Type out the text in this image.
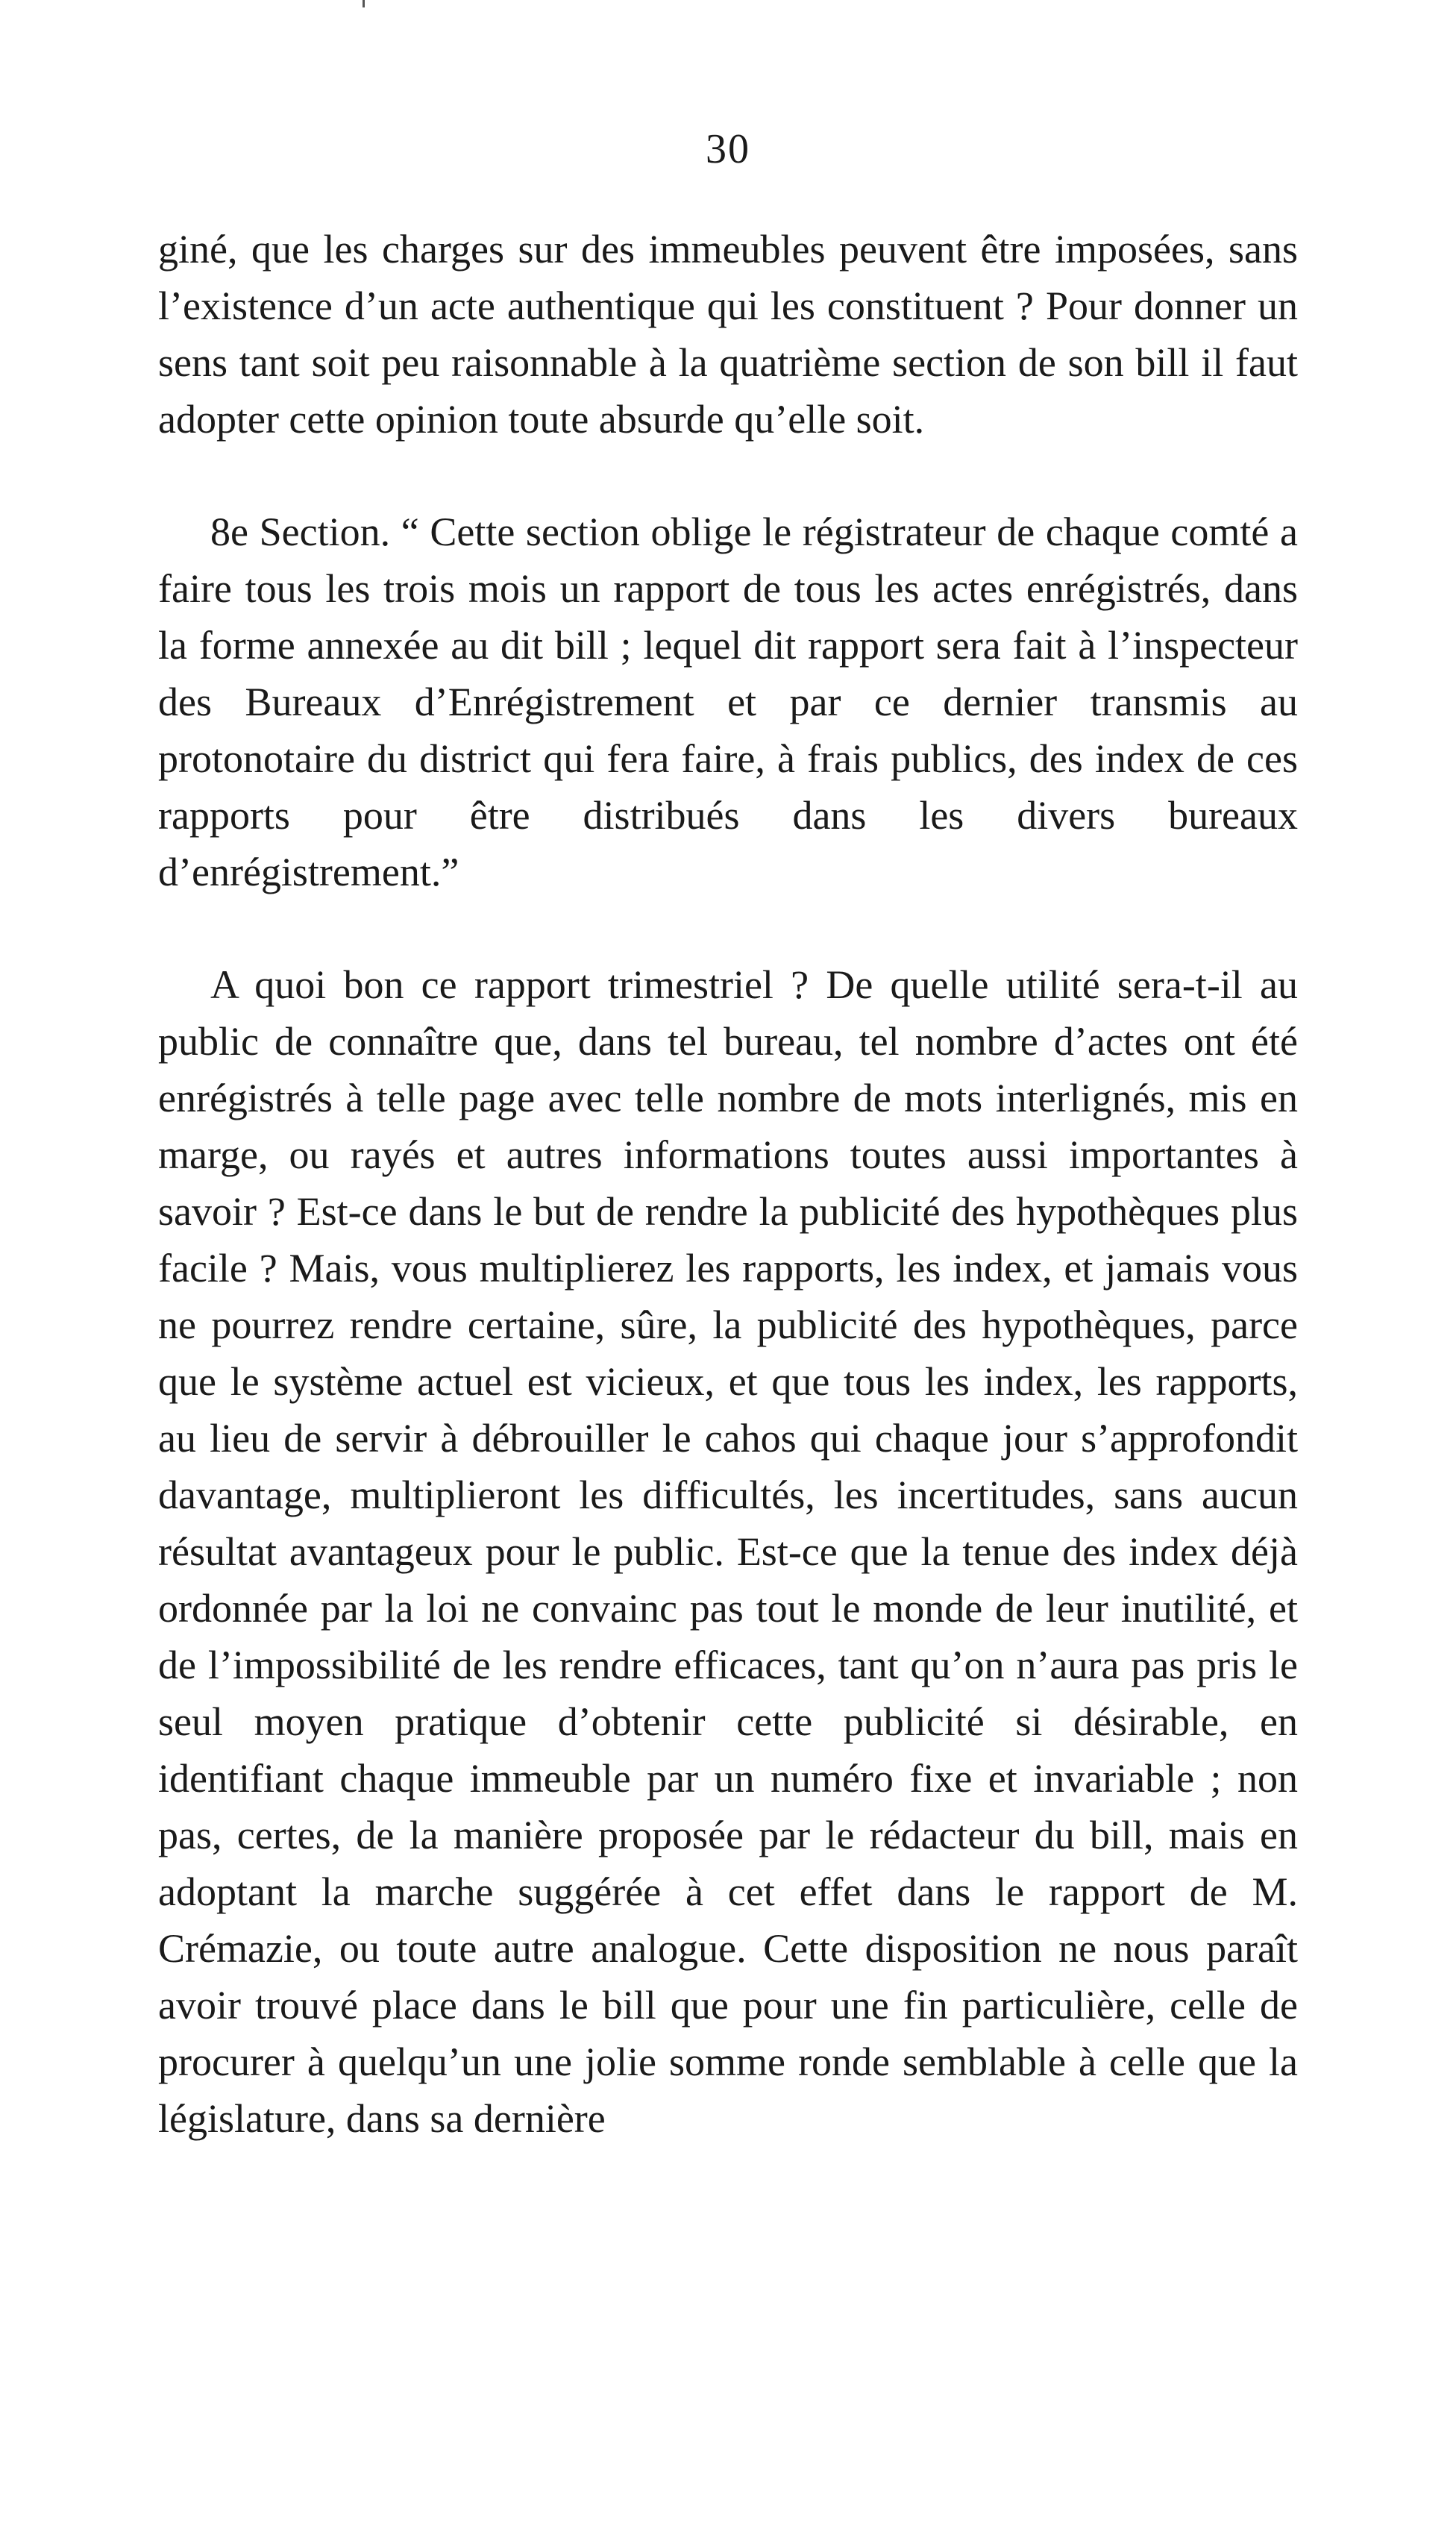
30

giné, que les charges sur des immeubles peuvent être imposées, sans l’existence d’un acte authentique qui les constituent ? Pour donner un sens tant soit peu raisonnable à la quatrième section de son bill il faut adopter cette opinion toute absurde qu’elle soit.

8e Section. “ Cette section oblige le régistrateur de chaque comté a faire tous les trois mois un rapport de tous les actes enrégistrés, dans la forme annexée au dit bill ; lequel dit rapport sera fait à l’inspecteur des Bureaux d’Enrégistrement et par ce dernier transmis au protonotaire du district qui fera faire, à frais publics, des index de ces rapports pour être distribués dans les divers bureaux d’enrégistrement.”

A quoi bon ce rapport trimestriel ? De quelle utilité sera-t-il au public de connaître que, dans tel bureau, tel nombre d’actes ont été enrégistrés à telle page avec telle nombre de mots interlignés, mis en marge, ou rayés et autres informations toutes aussi importantes à savoir ? Est-ce dans le but de rendre la publicité des hypothèques plus facile ? Mais, vous multiplierez les rapports, les index, et jamais vous ne pourrez rendre certaine, sûre, la publicité des hypothèques, parce que le système actuel est vicieux, et que tous les index, les rapports, au lieu de servir à débrouiller le cahos qui chaque jour s’approfondit davantage, multiplieront les difficultés, les incertitudes, sans aucun résultat avantageux pour le public. Est-ce que la tenue des index déjà ordonnée par la loi ne convainc pas tout le monde de leur inutilité, et de l’impossibilité de les rendre efficaces, tant qu’on n’aura pas pris le seul moyen pratique d’obtenir cette publicité si désirable, en identifiant chaque immeuble par un numéro fixe et invariable ; non pas, certes, de la manière proposée par le rédacteur du bill, mais en adoptant la marche suggérée à cet effet dans le rapport de M. Crémazie, ou toute autre analogue. Cette disposition ne nous paraît avoir trouvé place dans le bill que pour une fin particulière, celle de procurer à quelqu’un une jolie somme ronde semblable à celle que la législature, dans sa dernière
